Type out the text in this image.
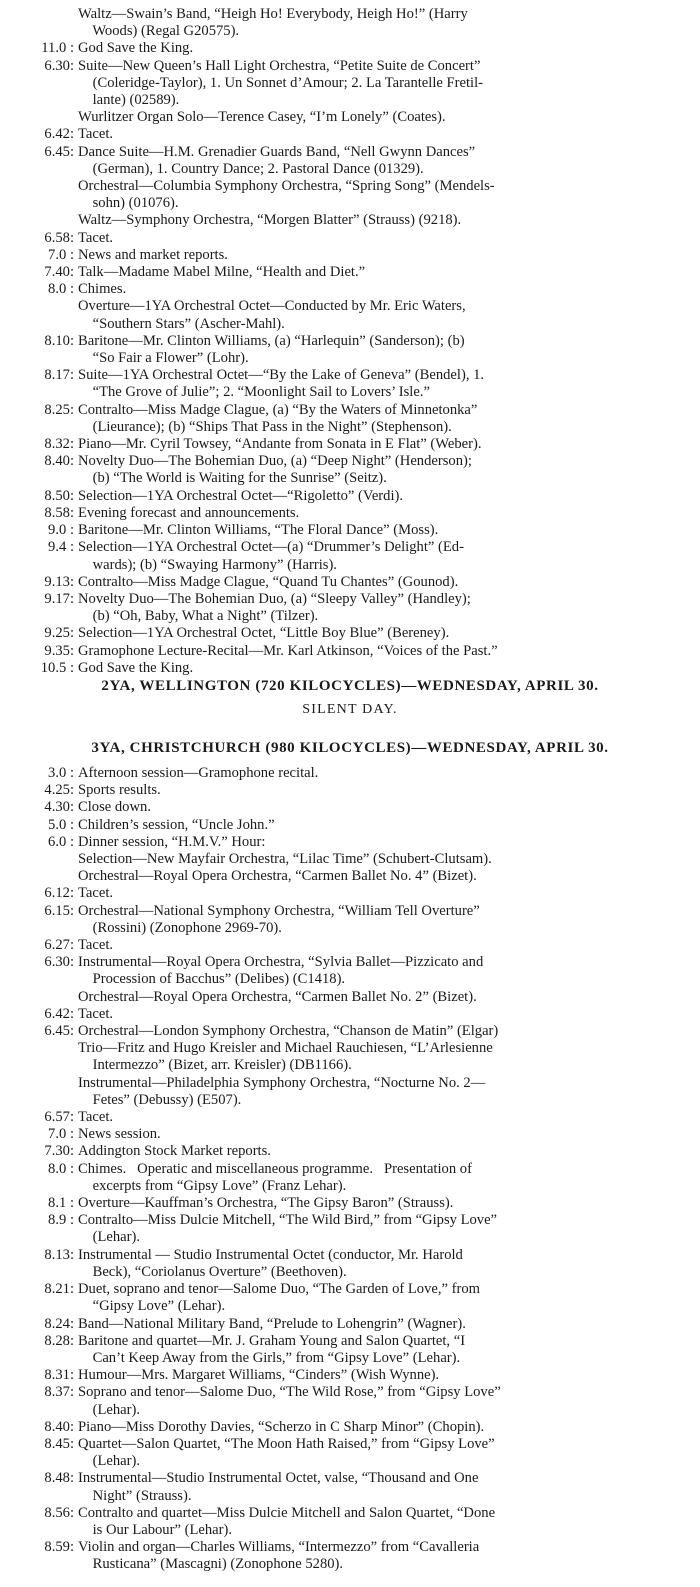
Waltz—Swain’s Band, “Heigh Ho! Everybody, Heigh Ho!” (Harry
Woods) (Regal G20575).
11.0 : God Save the King.
6.30: Suite—New Queen’s Hall Light Orchestra, “Petite Suite de Concert”
(Coleridge-Taylor), 1. Un Sonnet d’Amour; 2. La Tarantelle Fretil-
lante) (02589).
Wurlitzer Organ Solo—Terence Casey, “I’m Lonely” (Coates).
6.42: Tacet.
6.45: Dance Suite—H.M. Grenadier Guards Band, “Nell Gwynn Dances”
(German), 1. Country Dance; 2. Pastoral Dance (01329).
Orchestral—Columbia Symphony Orchestra, “Spring Song” (Mendels-
sohn) (01076).
Waltz—Symphony Orchestra, “Morgen Blatter” (Strauss) (9218).
6.58: Tacet.
7.0 : News and market reports.
7.40: Talk—Madame Mabel Milne, “Health and Diet.”
8.0 : Chimes.
Overture—1YA Orchestral Octet—Conducted by Mr. Eric Waters,
“Southern Stars” (Ascher-Mahl).
8.10: Baritone—Mr. Clinton Williams, (a) “Harlequin” (Sanderson); (b)
“So Fair a Flower” (Lohr).
8.17: Suite—1YA Orchestral Octet—“By the Lake of Geneva” (Bendel), 1.
“The Grove of Julie”; 2. “Moonlight Sail to Lovers’ Isle.”
8.25: Contralto—Miss Madge Clague, (a) “By the Waters of Minnetonka”
(Lieurance); (b) “Ships That Pass in the Night” (Stephenson).
8.32: Piano—Mr. Cyril Towsey, “Andante from Sonata in E Flat” (Weber).
8.40: Novelty Duo—The Bohemian Duo, (a) “Deep Night” (Henderson);
(b) “The World is Waiting for the Sunrise” (Seitz).
8.50: Selection—1YA Orchestral Octet—“Rigoletto” (Verdi).
8.58: Evening forecast and announcements.
9.0 : Baritone—Mr. Clinton Williams, “The Floral Dance” (Moss).
9.4 : Selection—1YA Orchestral Octet—(a) “Drummer’s Delight” (Ed-
wards); (b) “Swaying Harmony” (Harris).
9.13: Contralto—Miss Madge Clague, “Quand Tu Chantes” (Gounod).
9.17: Novelty Duo—The Bohemian Duo, (a) “Sleepy Valley” (Handley);
(b) “Oh, Baby, What a Night” (Tilzer).
9.25: Selection—1YA Orchestral Octet, “Little Boy Blue” (Bereney).
9.35: Gramophone Lecture-Recital—Mr. Karl Atkinson, “Voices of the Past.”
10.5 : God Save the King.
2YA, WELLINGTON (720 KILOCYCLES)—WEDNESDAY, APRIL 30.
SILENT DAY.
3YA, CHRISTCHURCH (980 KILOCYCLES)—WEDNESDAY, APRIL 30.
3.0 : Afternoon session—Gramophone recital.
4.25: Sports results.
4.30: Close down.
5.0 : Children’s session, “Uncle John.”
6.0 : Dinner session, “H.M.V.” Hour:
Selection—New Mayfair Orchestra, “Lilac Time” (Schubert-Clutsam).
Orchestral—Royal Opera Orchestra, “Carmen Ballet No. 4” (Bizet).
6.12: Tacet.
6.15: Orchestral—National Symphony Orchestra, “William Tell Overture”
(Rossini) (Zonophone 2969-70).
6.27: Tacet.
6.30: Instrumental—Royal Opera Orchestra, “Sylvia Ballet—Pizzicato and
Procession of Bacchus” (Delibes) (C1418).
Orchestral—Royal Opera Orchestra, “Carmen Ballet No. 2” (Bizet).
6.42: Tacet.
6.45: Orchestral—London Symphony Orchestra, “Chanson de Matin” (Elgar)
Trio—Fritz and Hugo Kreisler and Michael Rauchiesen, “L’Arlesienne
Intermezzo” (Bizet, arr. Kreisler) (DB1166).
Instrumental—Philadelphia Symphony Orchestra, “Nocturne No. 2—
Fetes” (Debussy) (E507).
6.57: Tacet.
7.0 : News session.
7.30: Addington Stock Market reports.
8.0 : Chimes.   Operatic and miscellaneous programme.   Presentation of
excerpts from “Gipsy Love” (Franz Lehar).
8.1 : Overture—Kauffman’s Orchestra, “The Gipsy Baron” (Strauss).
8.9 : Contralto—Miss Dulcie Mitchell, “The Wild Bird,” from “Gipsy Love”
(Lehar).
8.13: Instrumental — Studio Instrumental Octet (conductor, Mr. Harold
Beck), “Coriolanus Overture” (Beethoven).
8.21: Duet, soprano and tenor—Salome Duo, “The Garden of Love,” from
“Gipsy Love” (Lehar).
8.24: Band—National Military Band, “Prelude to Lohengrin” (Wagner).
8.28: Baritone and quartet—Mr. J. Graham Young and Salon Quartet, “I
Can’t Keep Away from the Girls,” from “Gipsy Love” (Lehar).
8.31: Humour—Mrs. Margaret Williams, “Cinders” (Wish Wynne).
8.37: Soprano and tenor—Salome Duo, “The Wild Rose,” from “Gipsy Love”
(Lehar).
8.40: Piano—Miss Dorothy Davies, “Scherzo in C Sharp Minor” (Chopin).
8.45: Quartet—Salon Quartet, “The Moon Hath Raised,” from “Gipsy Love”
(Lehar).
8.48: Instrumental—Studio Instrumental Octet, valse, “Thousand and One
Night” (Strauss).
8.56: Contralto and quartet—Miss Dulcie Mitchell and Salon Quartet, “Done
is Our Labour” (Lehar).
8.59: Violin and organ—Charles Williams, “Intermezzo” from “Cavalleria
Rusticana” (Mascagni) (Zonophone 5280).
